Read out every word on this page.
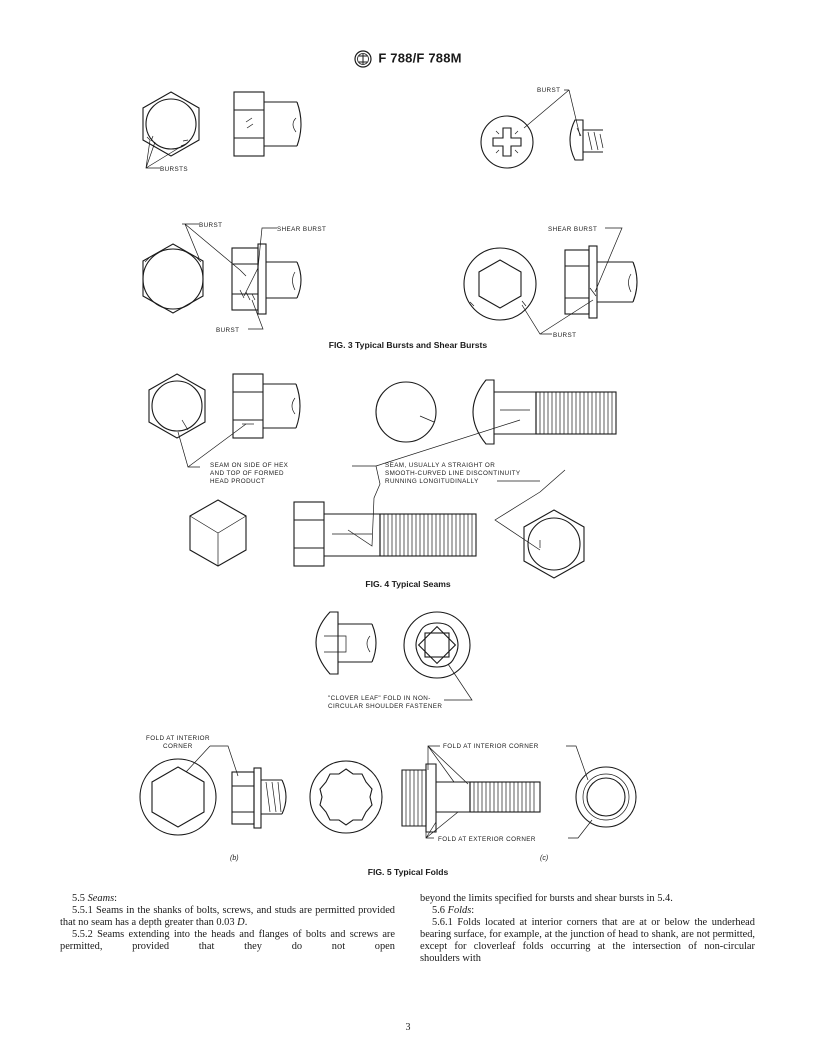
F 788/F 788M
BURSTS
BURST
BURST
SHEAR BURST
BURST
SHEAR BURST
BURST
FIG. 3 Typical Bursts and Shear Bursts
SEAM ON SIDE OF HEX
AND TOP OF FORMED
HEAD PRODUCT
SEAM, USUALLY A STRAIGHT OR
SMOOTH-CURVED LINE DISCONTINUITY
RUNNING LONGITUDINALLY
FIG. 4 Typical Seams
"CLOVER LEAF" FOLD IN NON-
CIRCULAR SHOULDER FASTENER
FOLD AT INTERIOR
CORNER	FOLD AT INTERIOR CORNER
FOLD AT EXTERIOR CORNER
(b)	(c)
FIG. 5 Typical Folds

5.5 Seams:

5.5.1 Seams in the shanks of bolts, screws, and studs are permitted provided that no seam has a depth greater than 0.03 D.

5.5.2 Seams extending into the heads and flanges of bolts and screws are permitted, provided that they do not open

beyond the limits specified for bursts and shear bursts in 5.4.

5.6 Folds:

5.6.1 Folds located at interior corners that are at or below the underhead bearing surface, for example, at the junction of head to shank, are not permitted, except for cloverleaf folds occurring at the intersection of non-circular shoulders with

3
